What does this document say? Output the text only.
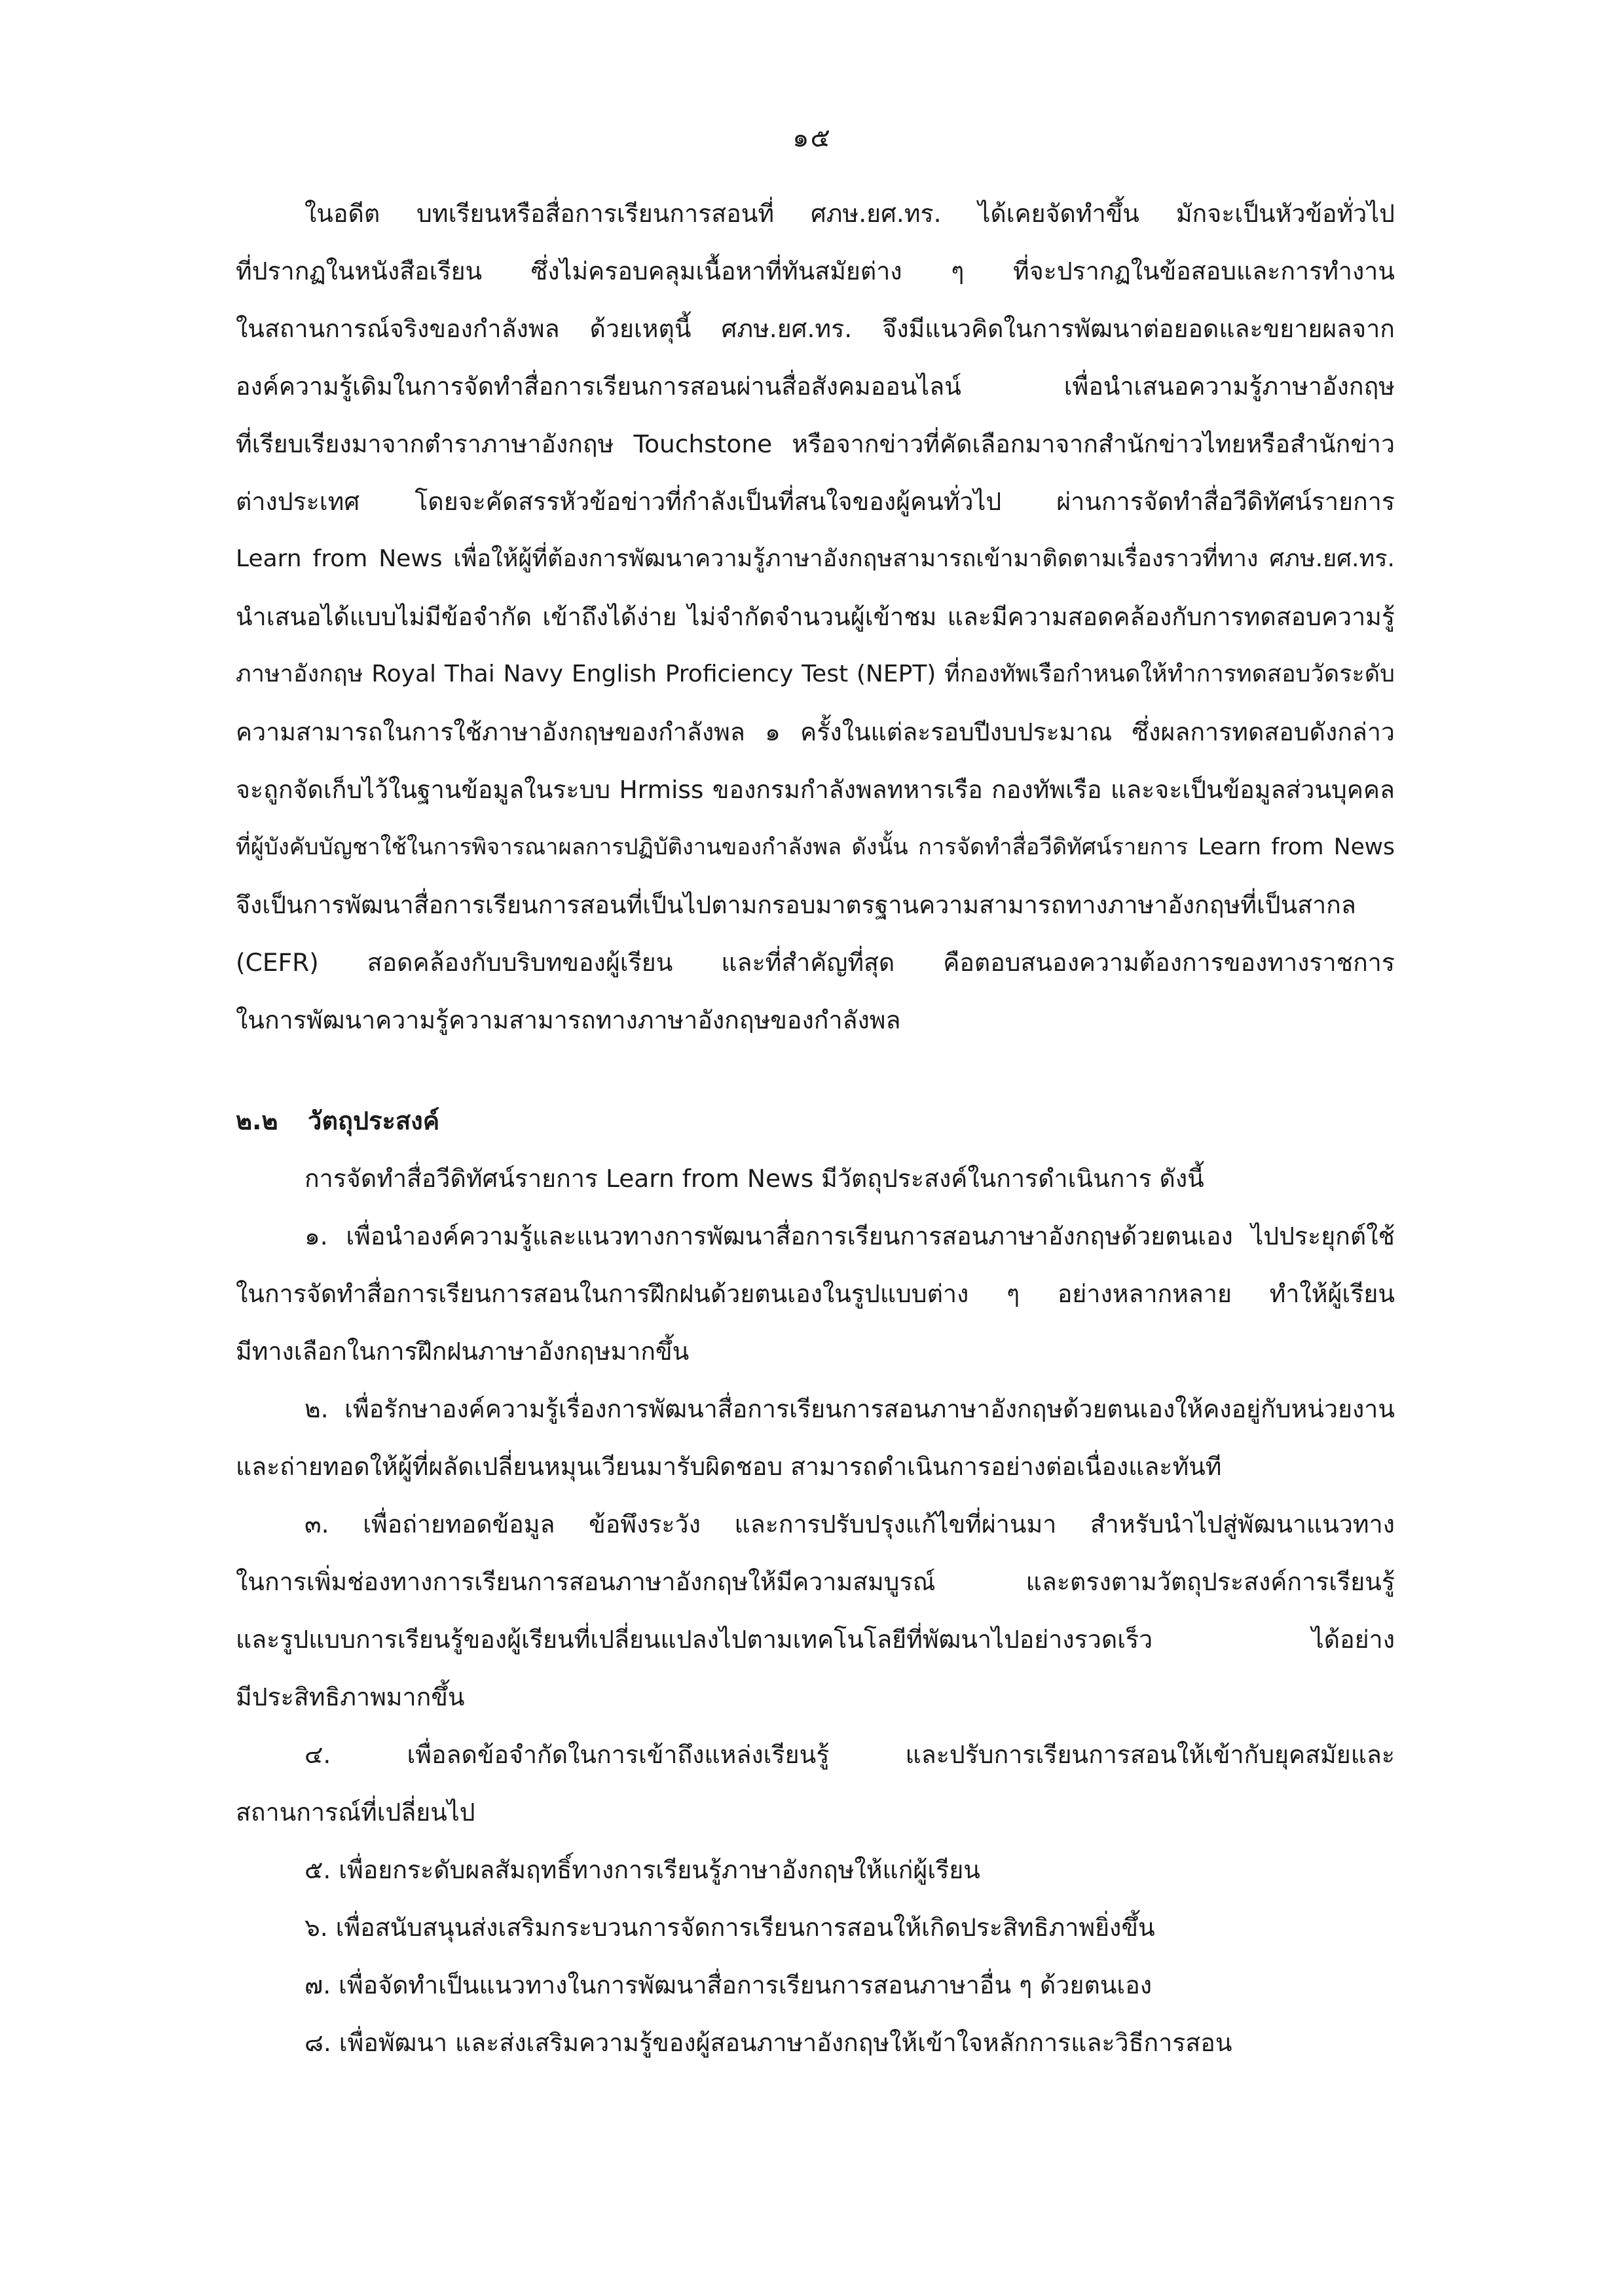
๑๕
ในอดีต บทเรียนหรือสื่อการเรียนการสอนที่ ศภษ.ยศ.ทร. ได้เคยจัดทำขึ้น มักจะเป็นหัวข้อทั่วไป
ที่ปรากฏในหนังสือเรียน ซึ่งไม่ครอบคลุมเนื้อหาที่ทันสมัยต่าง ๆ ที่จะปรากฏในข้อสอบและการทำงาน
ในสถานการณ์จริงของกำลังพล ด้วยเหตุนี้ ศภษ.ยศ.ทร. จึงมีแนวคิดในการพัฒนาต่อยอดและขยายผลจาก
องค์ความรู้เดิมในการจัดทำสื่อการเรียนการสอนผ่านสื่อสังคมออนไลน์ เพื่อนำเสนอความรู้ภาษาอังกฤษ
ที่เรียบเรียงมาจากตำราภาษาอังกฤษ Touchstone หรือจากข่าวที่คัดเลือกมาจากสำนักข่าวไทยหรือสำนักข่าว
ต่างประเทศ โดยจะคัดสรรหัวข้อข่าวที่กำลังเป็นที่สนใจของผู้คนทั่วไป ผ่านการจัดทำสื่อวีดิทัศน์รายการ
Learn from News เพื่อให้ผู้ที่ต้องการพัฒนาความรู้ภาษาอังกฤษสามารถเข้ามาติดตามเรื่องราวที่ทาง ศภษ.ยศ.ทร.
นำเสนอได้แบบไม่มีข้อจำกัด เข้าถึงได้ง่าย ไม่จำกัดจำนวนผู้เข้าชม และมีความสอดคล้องกับการทดสอบความรู้
ภาษาอังกฤษ Royal Thai Navy English Proficiency Test (NEPT) ที่กองทัพเรือกำหนดให้ทำการทดสอบวัดระดับ
ความสามารถในการใช้ภาษาอังกฤษของกำลังพล ๑ ครั้งในแต่ละรอบปีงบประมาณ ซึ่งผลการทดสอบดังกล่าว
จะถูกจัดเก็บไว้ในฐานข้อมูลในระบบ Hrmiss ของกรมกำลังพลทหารเรือ กองทัพเรือ และจะเป็นข้อมูลส่วนบุคคล
ที่ผู้บังคับบัญชาใช้ในการพิจารณาผลการปฏิบัติงานของกำลังพล ดังนั้น การจัดทำสื่อวีดิทัศน์รายการ Learn from News
จึงเป็นการพัฒนาสื่อการเรียนการสอนที่เป็นไปตามกรอบมาตรฐานความสามารถทางภาษาอังกฤษที่เป็นสากล
(CEFR) สอดคล้องกับบริบทของผู้เรียน และที่สำคัญที่สุด คือตอบสนองความต้องการของทางราชการ
ในการพัฒนาความรู้ความสามารถทางภาษาอังกฤษของกำลังพล
๒.๒ วัตถุประสงค์
การจัดทำสื่อวีดิทัศน์รายการ Learn from News มีวัตถุประสงค์ในการดำเนินการ ดังนี้
๑. เพื่อนำองค์ความรู้และแนวทางการพัฒนาสื่อการเรียนการสอนภาษาอังกฤษด้วยตนเอง ไปประยุกต์ใช้
ในการจัดทำสื่อการเรียนการสอนในการฝึกฝนด้วยตนเองในรูปแบบต่าง ๆ อย่างหลากหลาย ทำให้ผู้เรียน
มีทางเลือกในการฝึกฝนภาษาอังกฤษมากขึ้น
๒. เพื่อรักษาองค์ความรู้เรื่องการพัฒนาสื่อการเรียนการสอนภาษาอังกฤษด้วยตนเองให้คงอยู่กับหน่วยงาน
และถ่ายทอดให้ผู้ที่ผลัดเปลี่ยนหมุนเวียนมารับผิดชอบ สามารถดำเนินการอย่างต่อเนื่องและทันที
๓. เพื่อถ่ายทอดข้อมูล ข้อพึงระวัง และการปรับปรุงแก้ไขที่ผ่านมา สำหรับนำไปสู่พัฒนาแนวทาง
ในการเพิ่มช่องทางการเรียนการสอนภาษาอังกฤษให้มีความสมบูรณ์ และตรงตามวัตถุประสงค์การเรียนรู้
และรูปแบบการเรียนรู้ของผู้เรียนที่เปลี่ยนแปลงไปตามเทคโนโลยีที่พัฒนาไปอย่างรวดเร็ว ได้อย่าง
มีประสิทธิภาพมากขึ้น
๔. เพื่อลดข้อจำกัดในการเข้าถึงแหล่งเรียนรู้ และปรับการเรียนการสอนให้เข้ากับยุคสมัยและ
สถานการณ์ที่เปลี่ยนไป
๕. เพื่อยกระดับผลสัมฤทธิ์ทางการเรียนรู้ภาษาอังกฤษให้แก่ผู้เรียน
๖. เพื่อสนับสนุนส่งเสริมกระบวนการจัดการเรียนการสอนให้เกิดประสิทธิภาพยิ่งขึ้น
๗. เพื่อจัดทำเป็นแนวทางในการพัฒนาสื่อการเรียนการสอนภาษาอื่น ๆ ด้วยตนเอง
๘. เพื่อพัฒนา และส่งเสริมความรู้ของผู้สอนภาษาอังกฤษให้เข้าใจหลักการและวิธีการสอน
